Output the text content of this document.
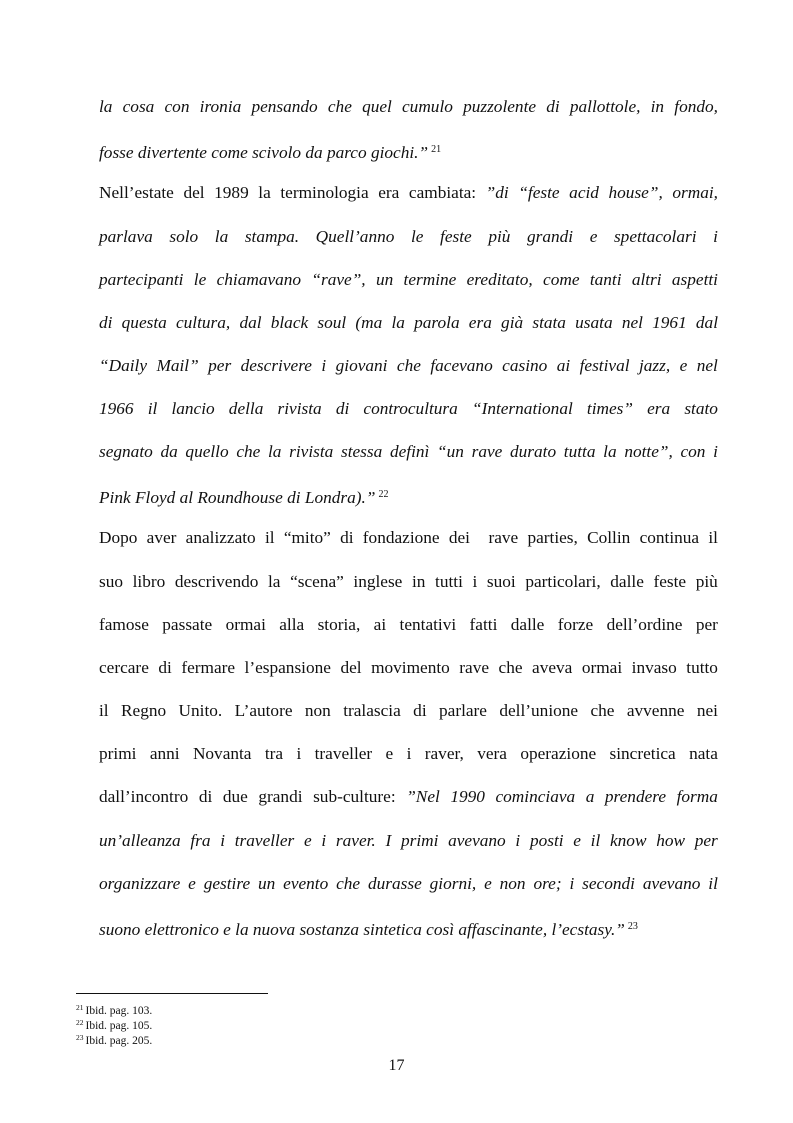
la cosa con ironia pensando che quel cumulo puzzolente di pallottole, in fondo,
fosse divertente come scivolo da parco giochi.” $^{21}$
Nell’estate del 1989 la terminologia era cambiata: ”di “feste acid house”, ormai,
parlava solo la stampa. Quell’anno le feste più grandi e spettacolari i
partecipanti le chiamavano “rave”, un termine ereditato, come tanti altri aspetti
di questa cultura, dal black soul (ma la parola era già stata usata nel 1961 dal
“Daily Mail” per descrivere i giovani che facevano casino ai festival jazz, e nel
1966 il lancio della rivista di controcultura “International times” era stato
segnato da quello che la rivista stessa definì “un rave durato tutta la notte”, con i
Pink Floyd al Roundhouse di Londra).” $^{22}$
Dopo aver analizzato il “mito” di fondazione dei rave parties, Collin continua il
suo libro descrivendo la “scena” inglese in tutti i suoi particolari, dalle feste più
famose passate ormai alla storia, ai tentativi fatti dalle forze dell’ordine per
cercare di fermare l’espansione del movimento rave che aveva ormai invaso tutto
il Regno Unito. L’autore non tralascia di parlare dell’unione che avvenne nei
primi anni Novanta tra i traveller e i raver, vera operazione sincretica nata
dall’incontro di due grandi sub-culture: ”Nel 1990 cominciava a prendere forma
un’alleanza fra i traveller e i raver. I primi avevano i posti e il know how per
organizzare e gestire un evento che durasse giorni, e non ore; i secondi avevano il
suono elettronico e la nuova sostanza sintetica così affascinante, l’ecstasy.” $^{23}$
$^{21}$ Ibid. pag. 103.
$^{22}$ Ibid. pag. 105.
$^{23}$ Ibid. pag. 205.
17
